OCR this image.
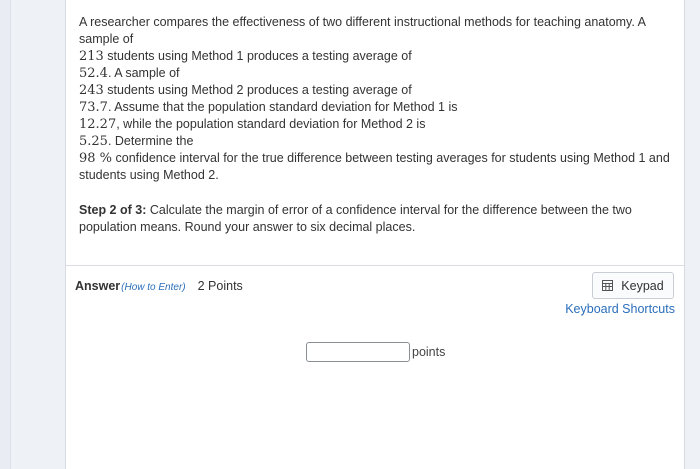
A researcher compares the effectiveness of two different instructional methods for teaching anatomy. A sample of
213 students using Method 1 produces a testing average of
52.4. A sample of
243 students using Method 2 produces a testing average of
73.7. Assume that the population standard deviation for Method 1 is
12.27, while the population standard deviation for Method 2 is
5.25. Determine the
98 % confidence interval for the true difference between testing averages for students using Method 1 and students using Method 2.
Step 2 of 3: Calculate the margin of error of a confidence interval for the difference between the two population means. Round your answer to six decimal places.
Answer (How to Enter) 2 Points	Keypad
Keyboard Shortcuts
points
